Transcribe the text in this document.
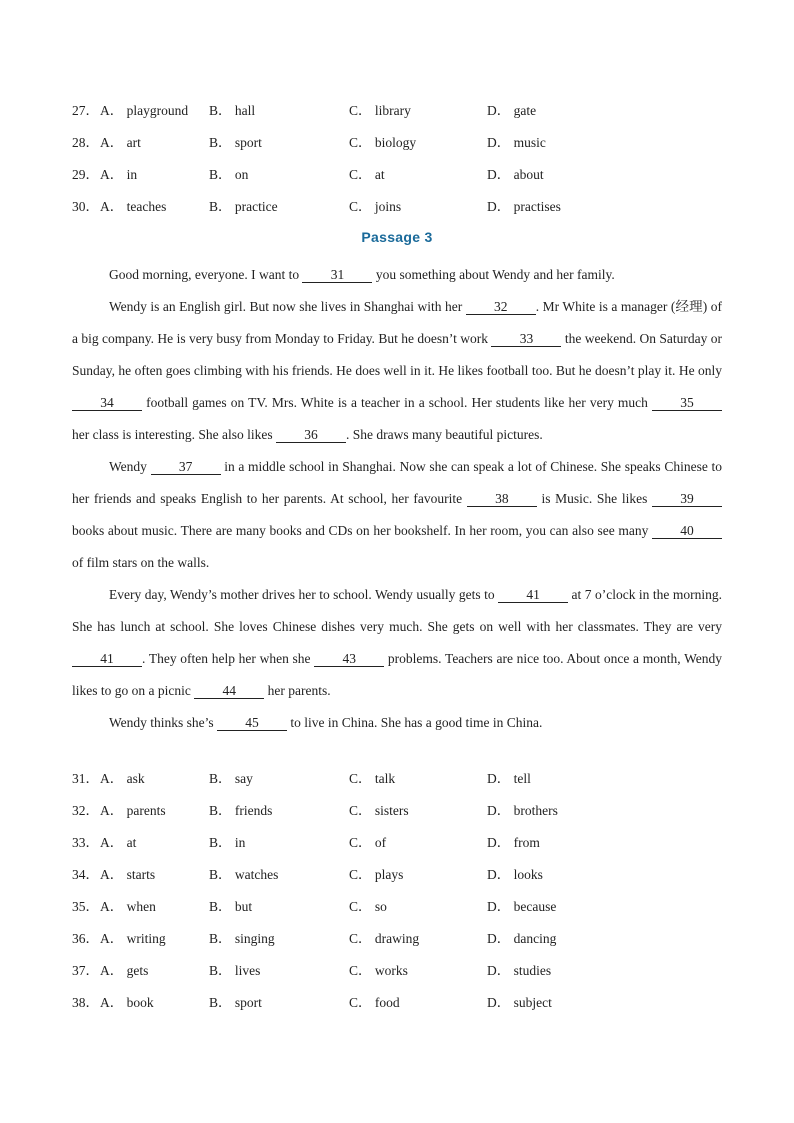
27． A． playground B． hall	C． library	D． gate
28． A． art	B． sport	C． biology	D． music
29． A． in	B． on	C． at	D． about
30． A． teaches	B． practice	C． joins	D． practises
Passage 3

Good morning, everyone. I want to 31 you something about Wendy and her family.

Wendy is an English girl. But now she lives in Shanghai with her 32 . Mr White is a manager (经理) of a big company. He is very busy from Monday to Friday. But he doesn’t work 33 the weekend. On Saturday or Sunday, he often goes climbing with his friends. He does well in it. He likes football too. But he doesn’t play it. He only 34 football games on TV. Mrs. White is a teacher in a school. Her students like her very much 35 her class is interesting. She also likes 36 . She draws many beautiful pictures.

Wendy 37 in a middle school in Shanghai. Now she can speak a lot of Chinese. She speaks Chinese to her friends and speaks English to her parents. At school, her favourite 38 is Music. She likes 39 books about music. There are many books and CDs on her bookshelf. In her room, you can also see many 40 of film stars on the walls.

Every day, Wendy’s mother drives her to school. Wendy usually gets to 41 at 7 o’clock in the morning. She has lunch at school. She loves Chinese dishes very much. She gets on well with her classmates. They are very 41 . They often help her when she 43 problems. Teachers are nice too. About once a month, Wendy likes to go on a picnic 44 her parents.

Wendy thinks she’s 45 to live in China. She has a good time in China.

31． A． ask	B． say	C． talk	D． tell
32． A． parents	B． friends	C． sisters	D． brothers
33． A． at	B． in	C． of	D． from
34． A． starts	B． watches	C． plays	D． looks
35． A． when	B． but	C． so	D． because
36． A． writing	B． singing	C． drawing	D． dancing
37． A． gets	B． lives	C． works	D． studies
38． A． book	B． sport	C． food	D． subject
